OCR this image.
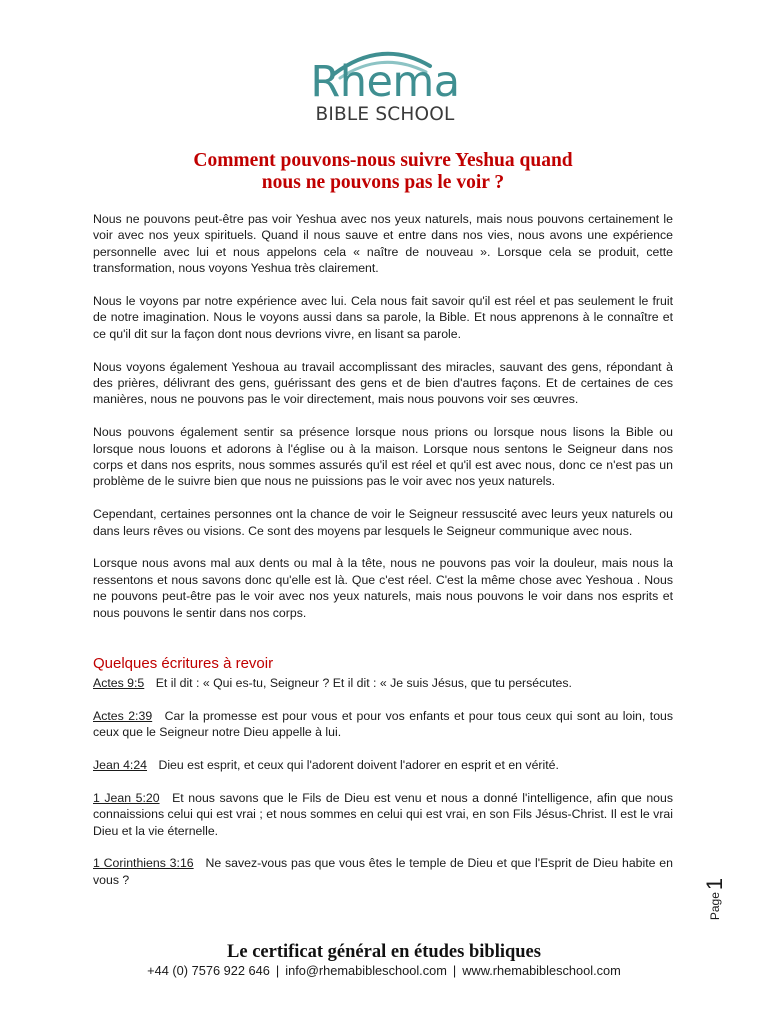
Rhema
BIBLE SCHOOL
Comment pouvons-nous suivre Yeshua quand
nous ne pouvons pas le voir ?

Nous ne pouvons peut-être pas voir Yeshua avec nos yeux naturels, mais nous pouvons certainement le voir avec nos yeux spirituels. Quand il nous sauve et entre dans nos vies, nous avons une expérience personnelle avec lui et nous appelons cela « naître de nouveau ». Lorsque cela se produit, cette transformation, nous voyons Yeshua très clairement.

Nous le voyons par notre expérience avec lui. Cela nous fait savoir qu'il est réel et pas seulement le fruit de notre imagination. Nous le voyons aussi dans sa parole, la Bible. Et nous apprenons à le connaître et ce qu'il dit sur la façon dont nous devrions vivre, en lisant sa parole.

Nous voyons également Yeshoua au travail accomplissant des miracles, sauvant des gens, répondant à des prières, délivrant des gens, guérissant des gens et de bien d'autres façons. Et de certaines de ces manières, nous ne pouvons pas le voir directement, mais nous pouvons voir ses œuvres.

Nous pouvons également sentir sa présence lorsque nous prions ou lorsque nous lisons la Bible ou lorsque nous louons et adorons à l'église ou à la maison. Lorsque nous sentons le Seigneur dans nos corps et dans nos esprits, nous sommes assurés qu'il est réel et qu'il est avec nous, donc ce n'est pas un problème de le suivre bien que nous ne puissions pas le voir avec nos yeux naturels.

Cependant, certaines personnes ont la chance de voir le Seigneur ressuscité avec leurs yeux naturels ou dans leurs rêves ou visions. Ce sont des moyens par lesquels le Seigneur communique avec nous.

Lorsque nous avons mal aux dents ou mal à la tête, nous ne pouvons pas voir la douleur, mais nous la ressentons et nous savons donc qu'elle est là. Que c'est réel. C'est la même chose avec Yeshoua . Nous ne pouvons peut-être pas le voir avec nos yeux naturels, mais nous pouvons le voir dans nos esprits et nous pouvons le sentir dans nos corps.

Quelques écritures à revoir

Actes 9:5 Et il dit : « Qui es-tu, Seigneur ? Et il dit : « Je suis Jésus, que tu persécutes.

Actes 2:39 Car la promesse est pour vous et pour vos enfants et pour tous ceux qui sont au loin, tous ceux que le Seigneur notre Dieu appelle à lui.

Jean 4:24 Dieu est esprit, et ceux qui l'adorent doivent l'adorer en esprit et en vérité.

1 Jean 5:20 Et nous savons que le Fils de Dieu est venu et nous a donné l'intelligence, afin que nous connaissions celui qui est vrai ; et nous sommes en celui qui est vrai, en son Fils Jésus-Christ. Il est le vrai Dieu et la vie éternelle.

1 Corinthiens 3:16 Ne savez-vous pas que vous êtes le temple de Dieu et que l'Esprit de Dieu habite en vous ?

Page1
Le certificat général en études bibliques
+44 (0) 7576 922 646 | info@rhemabibleschool.com | www.rhemabibleschool.com
